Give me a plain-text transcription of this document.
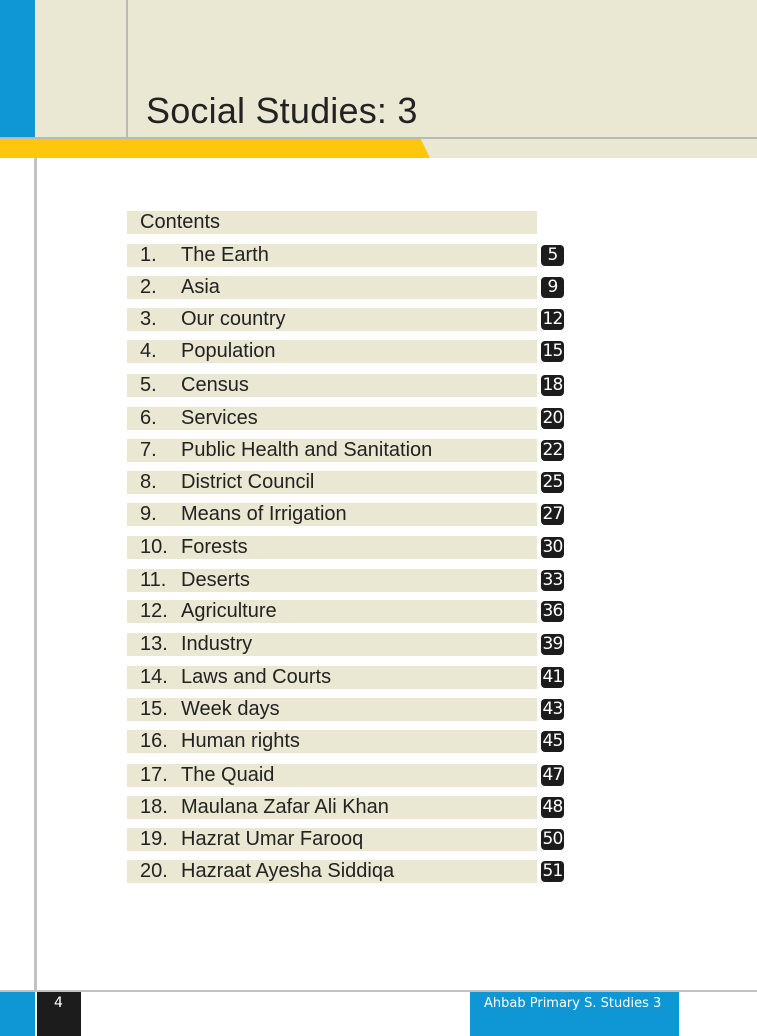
Social Studies: 3
Contents
1. The Earth	5
2. Asia	9
3. Our country	12
4. Population	15
5. Census	18
6. Services	20
7. Public Health and Sanitation	22
8. District Council	25
9. Means of Irrigation	27
10. Forests	30
11. Deserts	33
12. Agriculture	36
13. Industry	39
14. Laws and Courts	41
15. Week days	43
16. Human rights	45
17. The Quaid	47
18. Maulana Zafar Ali Khan	48
19. Hazrat Umar Farooq	50
20. Hazraat Ayesha Siddiqa	51
4	Ahbab Primary S. Studies 3
